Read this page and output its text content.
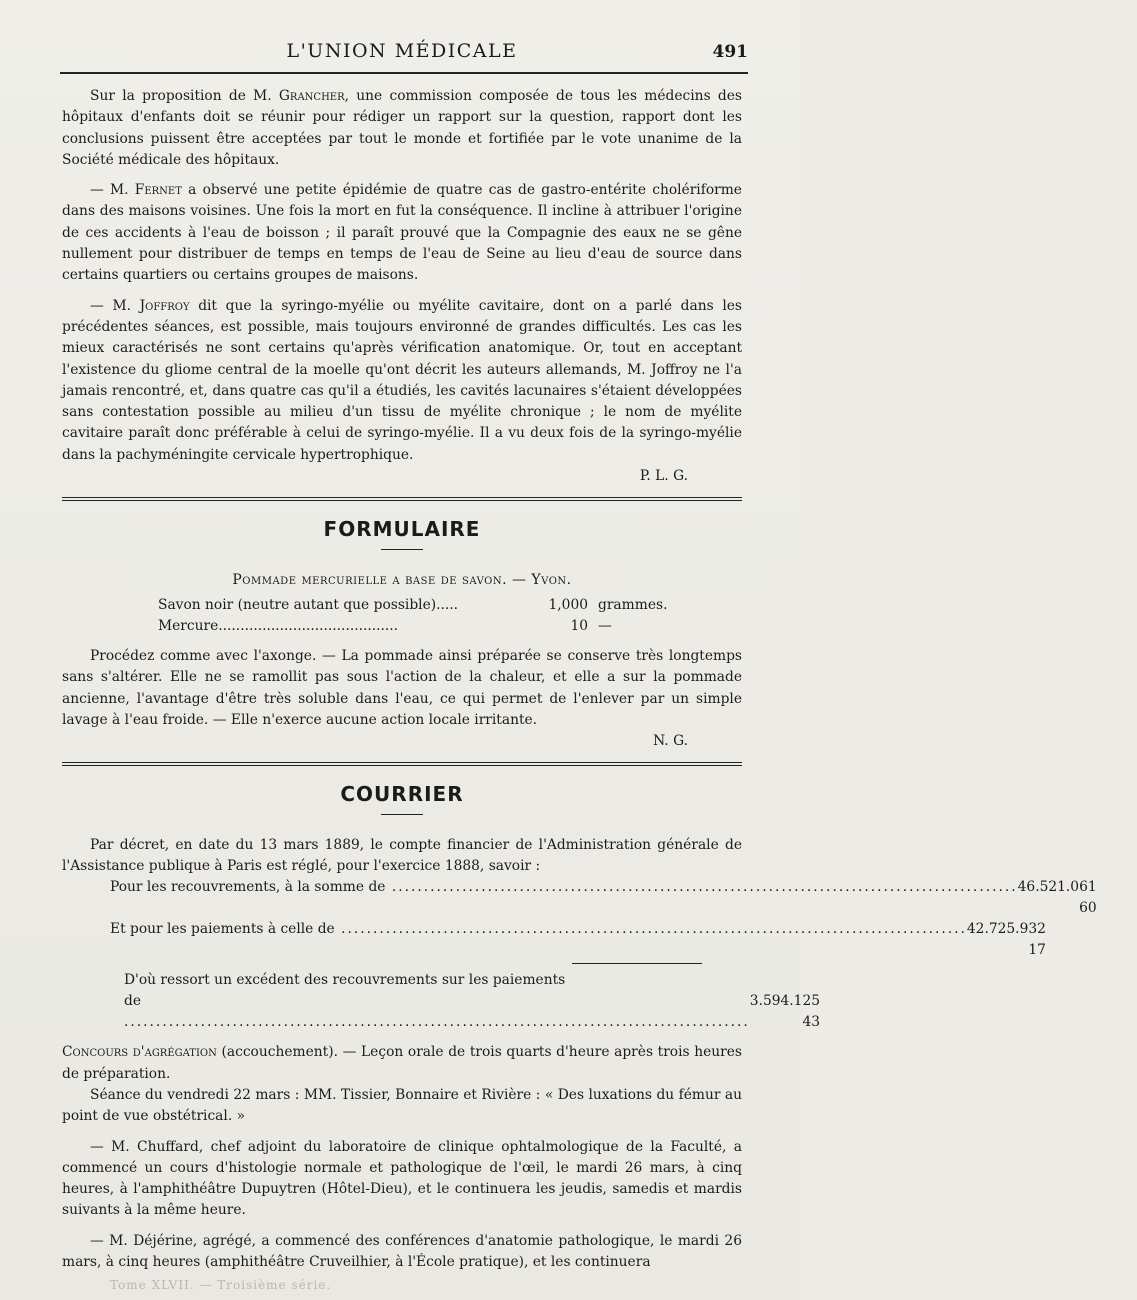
L'UNION MÉDICALE	491

Sur la proposition de M. Grancher, une commission composée de tous les médecins des hôpitaux d'enfants doit se réunir pour rédiger un rapport sur la question, rapport dont les conclusions puissent être acceptées par tout le monde et fortifiée par le vote unanime de la Société médicale des hôpitaux.

— M. Fernet a observé une petite épidémie de quatre cas de gastro-entérite cholériforme dans des maisons voisines. Une fois la mort en fut la conséquence. Il incline à attribuer l'origine de ces accidents à l'eau de boisson ; il paraît prouvé que la Compagnie des eaux ne se gêne nullement pour distribuer de temps en temps de l'eau de Seine au lieu d'eau de source dans certains quartiers ou certains groupes de maisons.

— M. Joffroy dit que la syringo-myélie ou myélite cavitaire, dont on a parlé dans les précédentes séances, est possible, mais toujours environné de grandes difficultés. Les cas les mieux caractérisés ne sont certains qu'après vérification anatomique. Or, tout en acceptant l'existence du gliome central de la moelle qu'ont décrit les auteurs allemands, M. Joffroy ne l'a jamais rencontré, et, dans quatre cas qu'il a étudiés, les cavités lacunaires s'étaient développées sans contestation possible au milieu d'un tissu de myélite chronique ; le nom de myélite cavitaire paraît donc préférable à celui de syringo-myélie. Il a vu deux fois de la syringo-myélie dans la pachyméningite cervicale hypertrophique.

P. L. G.

FORMULAIRE
Pommade mercurielle a base de savon. — Yvon.
Savon noir (neutre autant que possible).....	1,000 grammes.
Mercure.........................................	10 —

Procédez comme avec l'axonge. — La pommade ainsi préparée se conserve très longtemps sans s'altérer. Elle ne se ramollit pas sous l'action de la chaleur, et elle a sur la pommade ancienne, l'avantage d'être très soluble dans l'eau, ce qui permet de l'enlever par un simple lavage à l'eau froide. — Elle n'exerce aucune action locale irritante.

N. G.

COURRIER

Par décret, en date du 13 mars 1889, le compte financier de l'Administration générale de l'Assistance publique à Paris est réglé, pour l'exercice 1888, savoir :

Pour les recouvrements, à la somme de .....	46.521.061 60
Et pour les paiements à celle de .....	42.725.932 17
D'où ressort un excédent des recouvrements sur les paiements
de .....	3.594.125 43

Concours d'agrégation (accouchement). — Leçon orale de trois quarts d'heure après trois heures de préparation.

Séance du vendredi 22 mars : MM. Tissier, Bonnaire et Rivière : « Des luxations du fémur au point de vue obstétrical. »

— M. Chuffard, chef adjoint du laboratoire de clinique ophtalmologique de la Faculté, a commencé un cours d'histologie normale et pathologique de l'œil, le mardi 26 mars, à cinq heures, à l'amphithéâtre Dupuytren (Hôtel-Dieu), et le continuera les jeudis, samedis et mardis suivants à la même heure.

— M. Déjérine, agrégé, a commencé des conférences d'anatomie pathologique, le mardi 26 mars, à cinq heures (amphithéâtre Cruveilhier, à l'École pratique), et les continuera

Tome XLVII. — Troisième série.
